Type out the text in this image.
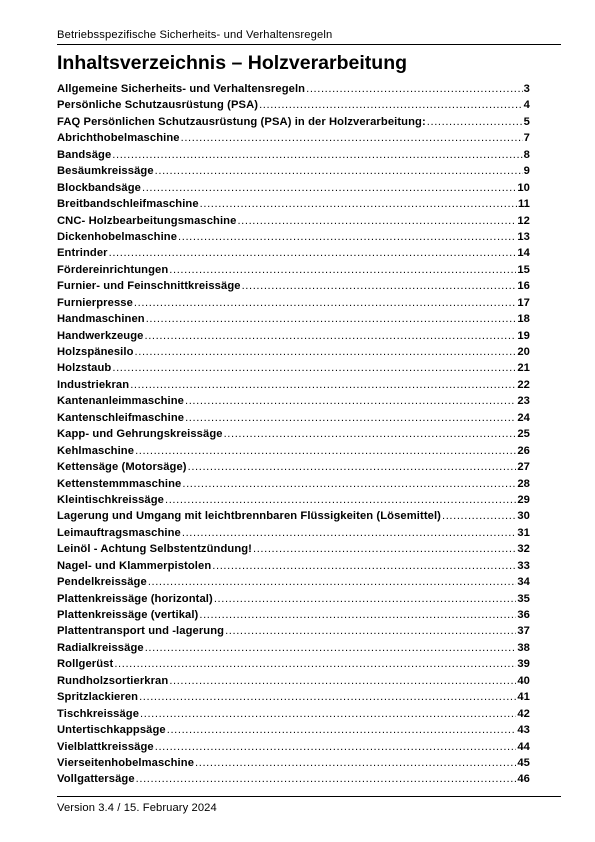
Betriebsspezifische Sicherheits- und Verhaltensregeln
Inhaltsverzeichnis – Holzverarbeitung
Allgemeine Sicherheits- und Verhaltensregeln .....	3
Persönliche Schutzausrüstung (PSA) .....	4
FAQ Persönlichen Schutzausrüstung (PSA) in der Holzverarbeitung: .....	5
Abrichthobelmaschine .....	7
Bandsäge .....	8
Besäumkreissäge .....	9
Blockbandsäge .....	10
Breitbandschleifmaschine .....	11
CNC- Holzbearbeitungsmaschine .....	12
Dickenhobelmaschine .....	13
Entrinder .....	14
Fördereinrichtungen .....	15
Furnier- und Feinschnittkreissäge .....	16
Furnierpresse .....	17
Handmaschinen .....	18
Handwerkzeuge .....	19
Holzspänesilo .....	20
Holzstaub .....	21
Industriekran .....	22
Kantenanleimmaschine .....	23
Kantenschleifmaschine .....	24
Kapp- und Gehrungskreissäge .....	25
Kehlmaschine .....	26
Kettensäge (Motorsäge) .....	27
Kettenstemmmaschine .....	28
Kleintischkreissäge .....	29
Lagerung und Umgang mit leichtbrennbaren Flüssigkeiten (Lösemittel) .....	30
Leimauftragsmaschine .....	31
Leinöl - Achtung Selbstentzündung! .....	32
Nagel- und Klammerpistolen .....	33
Pendelkreissäge .....	34
Plattenkreissäge (horizontal) .....	35
Plattenkreissäge (vertikal) .....	36
Plattentransport und -lagerung .....	37
Radialkreissäge .....	38
Rollgerüst .....	39
Rundholzsortierkran .....	40
Spritzlackieren .....	41
Tischkreissäge .....	42
Untertischkappsäge .....	43
Vielblattkreissäge .....	44
Vierseitenhobelmaschine .....	45
Vollgattersäge .....	46
Version 3.4 / 15. February 2024
